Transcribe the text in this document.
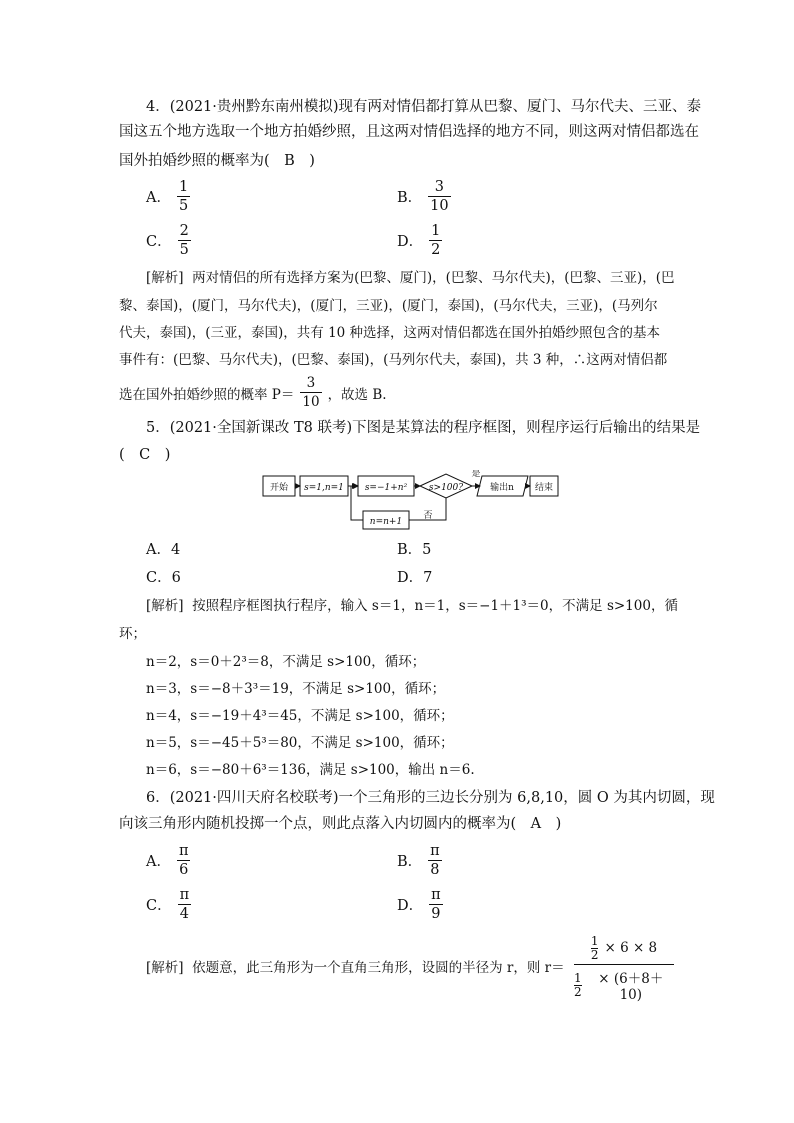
4．(2021·贵州黔东南州模拟)现有两对情侣都打算从巴黎、厦门、马尔代夫、三亚、泰
国这五个地方选取一个地方拍婚纱照，且这两对情侣选择的地方不同，则这两对情侣都选在
国外拍婚纱照的概率为(　B　)
A． $\frac{1}{5}$	B． $\frac{3}{10}$
C． $\frac{2}{5}$	D． $\frac{1}{2}$
[解析] 两对情侣的所有选择方案为(巴黎、厦门)，(巴黎、马尔代夫)，(巴黎、三亚)，(巴
黎、泰国)，(厦门，马尔代夫)，(厦门，三亚)，(厦门，泰国)，(马尔代夫，三亚)，(马列尔
代夫，泰国)，(三亚，泰国)，共有 10 种选择，这两对情侣都选在国外拍婚纱照包含的基本
事件有：(巴黎、马尔代夫)，(巴黎、泰国)，(马列尔代夫，泰国)，共 3 种，∴这两对情侣都
选在国外拍婚纱照的概率 $P= \frac{3}{10}$ ，故选 B.
5．(2021·全国新课改 T8 联考)下图是某算法的程序框图，则程序运行后输出的结果是
(　C　)
开始 s=1,n=1 s=−1+n² s>100?	输出n 结束
n=n+1
是
否
A．4	B．5
C．6	D．7
[解析] 按照程序框图执行程序，输入 s＝1，n＝1，s＝−1＋1³＝0，不满足 s>100，循
环；
n＝2，s＝0＋2³＝8，不满足 s>100，循环；
n＝3，s＝−8＋3³＝19，不满足 s>100，循环；
n＝4，s＝−19＋4³＝45，不满足 s>100，循环；
n＝5，s＝−45＋5³＝80，不满足 s>100，循环；
n＝6，s＝−80＋6³＝136，满足 s>100，输出 n＝6.
6．(2021·四川天府名校联考)一个三角形的三边长分别为 6,8,10，圆 O 为其内切圆，现
向该三角形内随机投掷一个点，则此点落入内切圆内的概率为(　A　)
A． $\frac{\pi}{6}$	B． $\frac{\pi}{8}$
C． $\frac{\pi}{4}$	D． $\frac{\pi}{9}$
[解析] 依题意，此三角形为一个直角三角形，设圆的半径为 r，则 r＝
$\frac{1}{2} \times 6 \times 8$
$\frac{1}{2}$	× (6＋8＋10)
